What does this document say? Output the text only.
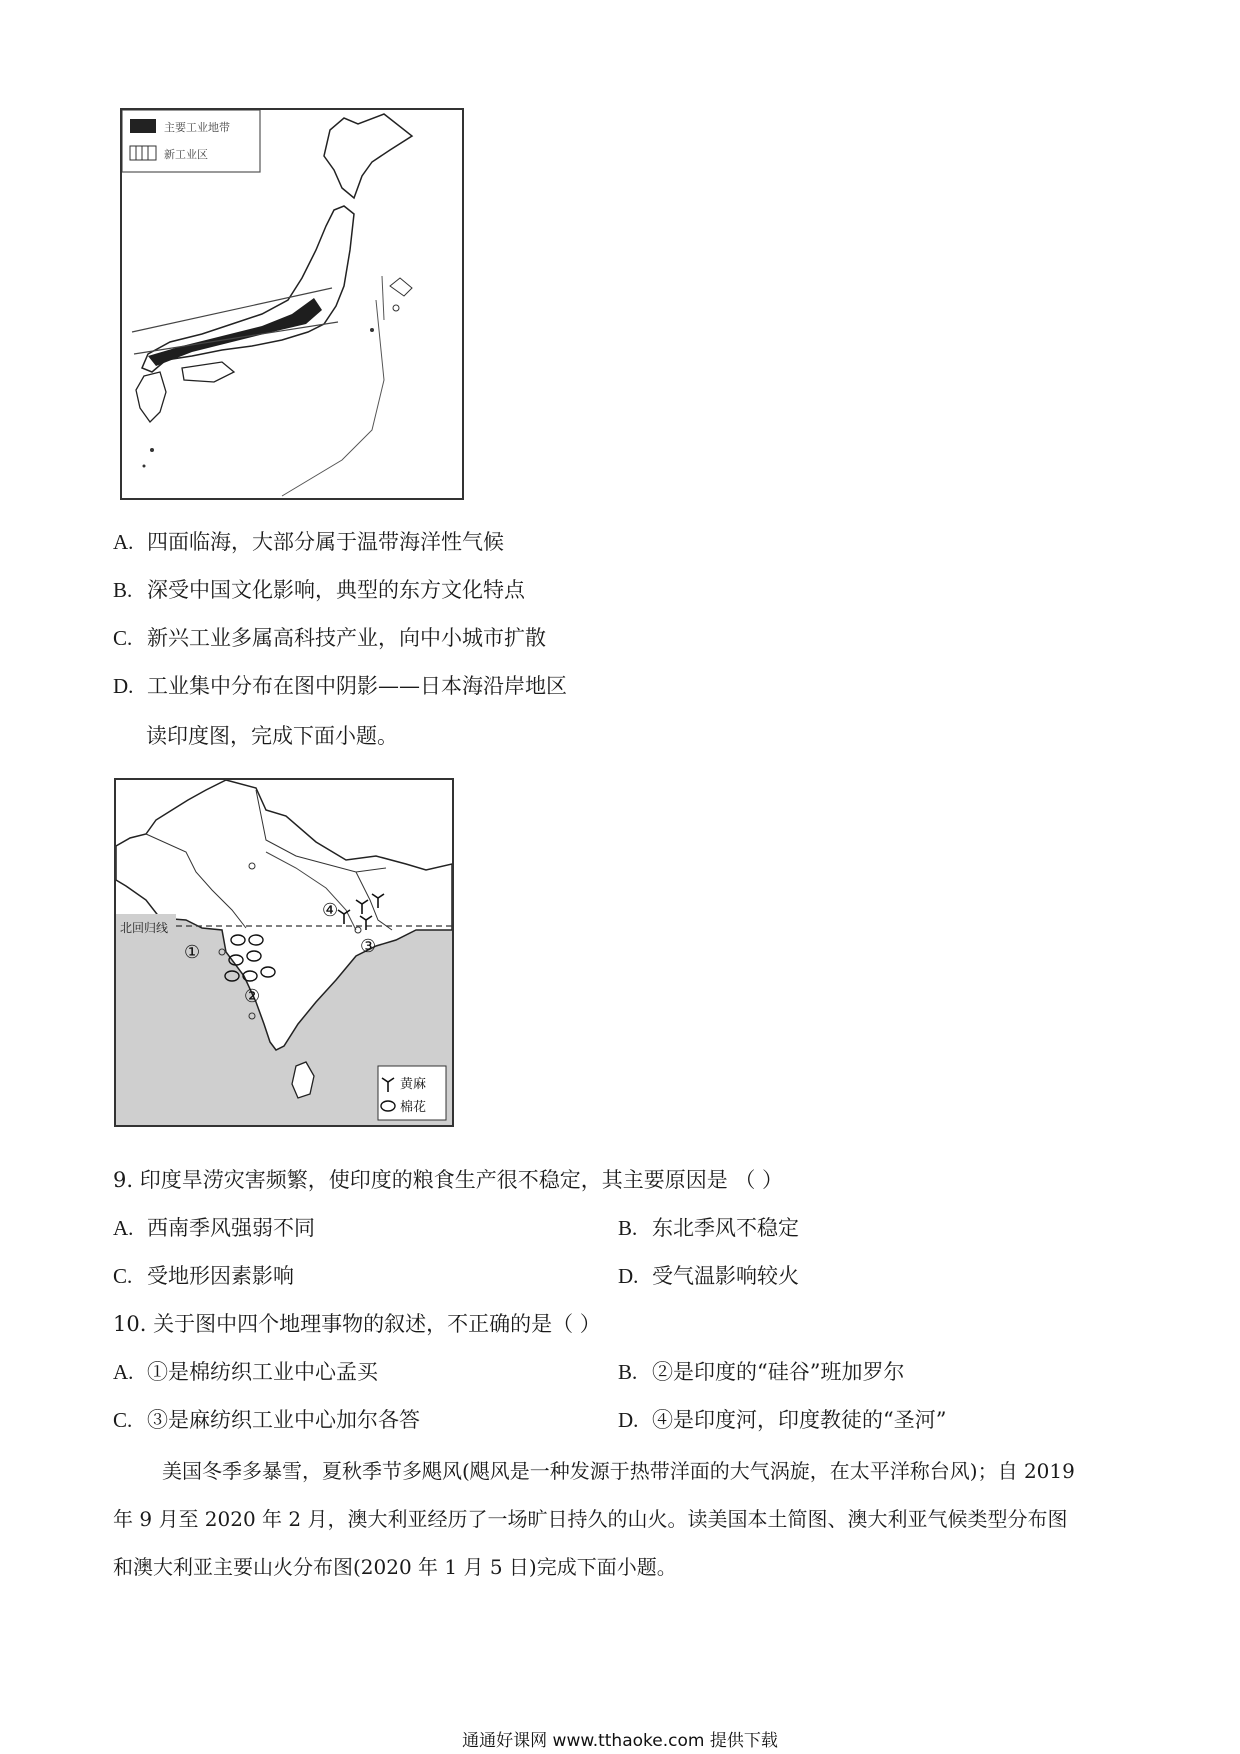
主要工业地带
新工业区
A. 四面临海，大部分属于温带海洋性气候
B. 深受中国文化影响，典型的东方文化特点
C. 新兴工业多属高科技产业，向中小城市扩散
D. 工业集中分布在图中阴影——日本海沿岸地区
读印度图，完成下面小题。
北回归线
①
②
③
④
黄麻
棉花
9. 印度旱涝灾害频繁，使印度的粮食生产很不稳定，其主要原因是 （ ）
A. 西南季风强弱不同	B. 东北季风不稳定
C. 受地形因素影响	D. 受气温影响较火
10. 关于图中四个地理事物的叙述，不正确的是（ ）
A. ①是棉纺织工业中心孟买	B. ②是印度的“硅谷”班加罗尔
C. ③是麻纺织工业中心加尔各答	D. ④是印度河，印度教徒的“圣河”
美国冬季多暴雪，夏秋季节多飓风(飓风是一种发源于热带洋面的大气涡旋，在太平洋称台风)；自 2019
年 9 月至 2020 年 2 月，澳大利亚经历了一场旷日持久的山火。读美国本土简图、澳大利亚气候类型分布图
和澳大利亚主要山火分布图(2020 年 1 月 5 日)完成下面小题。
通通好课网 www.tthaoke.com 提供下载
